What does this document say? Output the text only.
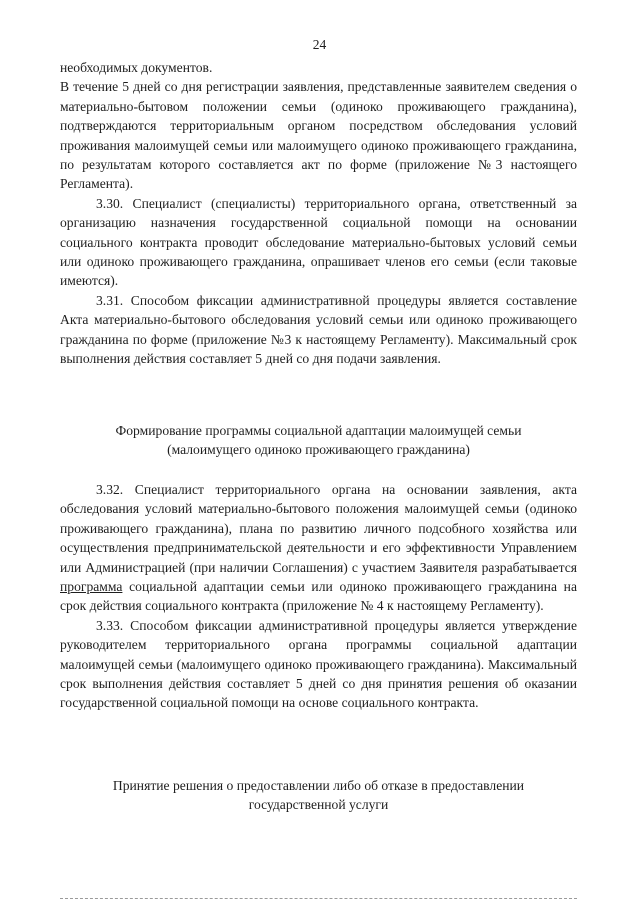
24

необходимых документов.

В течение 5 дней со дня регистрации заявления, представленные заявителем сведения о материально-бытовом положении семьи (одиноко проживающего гражданина), подтверждаются территориальным органом посредством обследования условий проживания малоимущей семьи или малоимущего одиноко проживающего гражданина, по результатам которого составляется акт по форме (приложение №3 настоящего Регламента).

3.30. Специалист (специалисты) территориального органа, ответственный за организацию назначения государственной социальной помощи на основании социального контракта проводит обследование материально-бытовых условий семьи или одиноко проживающего гражданина, опрашивает членов его семьи (если таковые имеются).

3.31. Способом фиксации административной процедуры является составление Акта материально-бытового обследования условий семьи или одиноко проживающего гражданина по форме (приложение №3 к настоящему Регламенту). Максимальный срок выполнения действия составляет 5 дней со дня подачи заявления.

Формирование программы социальной адаптации малоимущей семьи

(малоимущего одиноко проживающего гражданина)

3.32. Специалист территориального органа на основании заявления, акта обследования условий материально-бытового положения малоимущей семьи (одиноко проживающего гражданина), плана по развитию личного подсобного хозяйства или осуществления предпринимательской деятельности и его эффективности Управлением или Администрацией (при наличии Соглашения) с участием Заявителя разрабатывается программа социальной адаптации семьи или одиноко проживающего гражданина на срок действия социального контракта (приложение № 4 к настоящему Регламенту).

3.33. Способом фиксации административной процедуры является утверждение руководителем территориального органа программы социальной адаптации малоимущей семьи (малоимущего одиноко проживающего гражданина). Максимальный срок выполнения действия составляет 5 дней со дня принятия решения об оказании государственной социальной помощи на основе социального контракта.

Принятие решения о предоставлении либо об отказе в предоставлении

государственной услуги
